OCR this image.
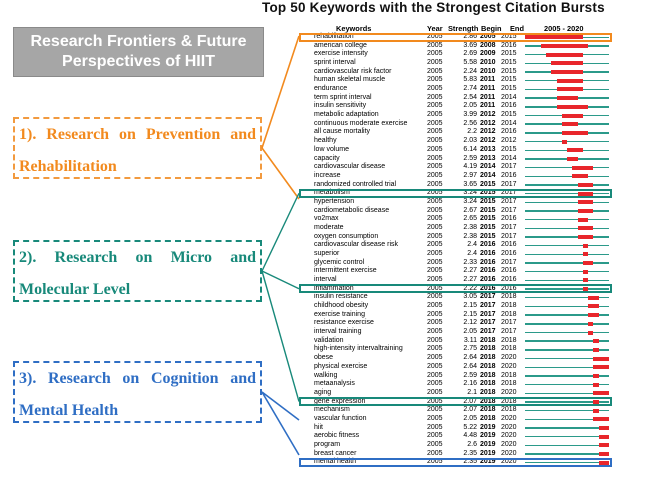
Top 50 Keywords with the Strongest Citation Bursts
Research Frontiers & Future
Perspectives of HIIT
1). Research on Prevention and
Rehabilitation
2). Research on Micro and
Molecular Level
3). Research on Cognition and
Mental Health
Keywords	Year Strength Begin End	2005 - 2020
rehabilitation	2005	2.86 2005 2015
american college	2005	3.69 2008 2016
exercise intensity	2005	2.69 2009 2015
sprint interval	2005	5.58 2010 2015
cardiovascular risk factor	2005	2.24 2010 2015
human skeletal muscle	2005	5.83 2011 2015
endurance	2005	2.74 2011 2015
term sprint interval	2005	2.54 2011 2014
insulin sensitivity	2005	2.05 2011 2016
metabolic adaptation	2005	3.99 2012 2015
continuous moderate exercise	2005	2.56 2012 2014
all cause mortality	2005	2.2 2012 2016
healthy	2005	2.03 2012 2012
low volume	2005	6.14 2013 2015
capacity	2005	2.59 2013 2014
cardiovascular disease	2005	4.19 2014 2017
increase	2005	2.97 2014 2016
randomized controlled trial	2005	3.65 2015 2017
metabolism	2005	3.24 2015 2017
hypertension	2005	3.24 2015 2017
cardiometabolic disease	2005	2.67 2015 2017
vo2max	2005	2.65 2015 2016
moderate	2005	2.38 2015 2017
oxygen consumption	2005	2.38 2015 2017
cardiovascular disease risk	2005	2.4 2016 2016
superior	2005	2.4 2016 2016
glycemic control	2005	2.33 2016 2017
intermittent exercise	2005	2.27 2016 2016
interval	2005	2.27 2016 2016
inflammation	2005	2.22 2016 2016
insulin resistance	2005	3.05 2017 2018
childhood obesity	2005	2.15 2017 2018
exercise training	2005	2.15 2017 2018
resistance exercise	2005	2.12 2017 2017
interval training	2005	2.05 2017 2017
validation	2005	3.11 2018 2018
high-intensity intervaltraining	2005	2.75 2018 2018
obese	2005	2.64 2018 2020
physical exercise	2005	2.64 2018 2020
walking	2005	2.59 2018 2018
metaanalysis	2005	2.16 2018 2018
aging	2005	2.1 2018 2020
gene expression	2005	2.07 2018 2018
mechanism	2005	2.07 2018 2018
vascular function	2005	2.05 2018 2020
hiit	2005	5.22 2019 2020
aerobic fitness	2005	4.48 2019 2020
program	2005	2.6 2019 2020
breast cancer	2005	2.35 2019 2020
mental health	2005	2.35 2019 2020
